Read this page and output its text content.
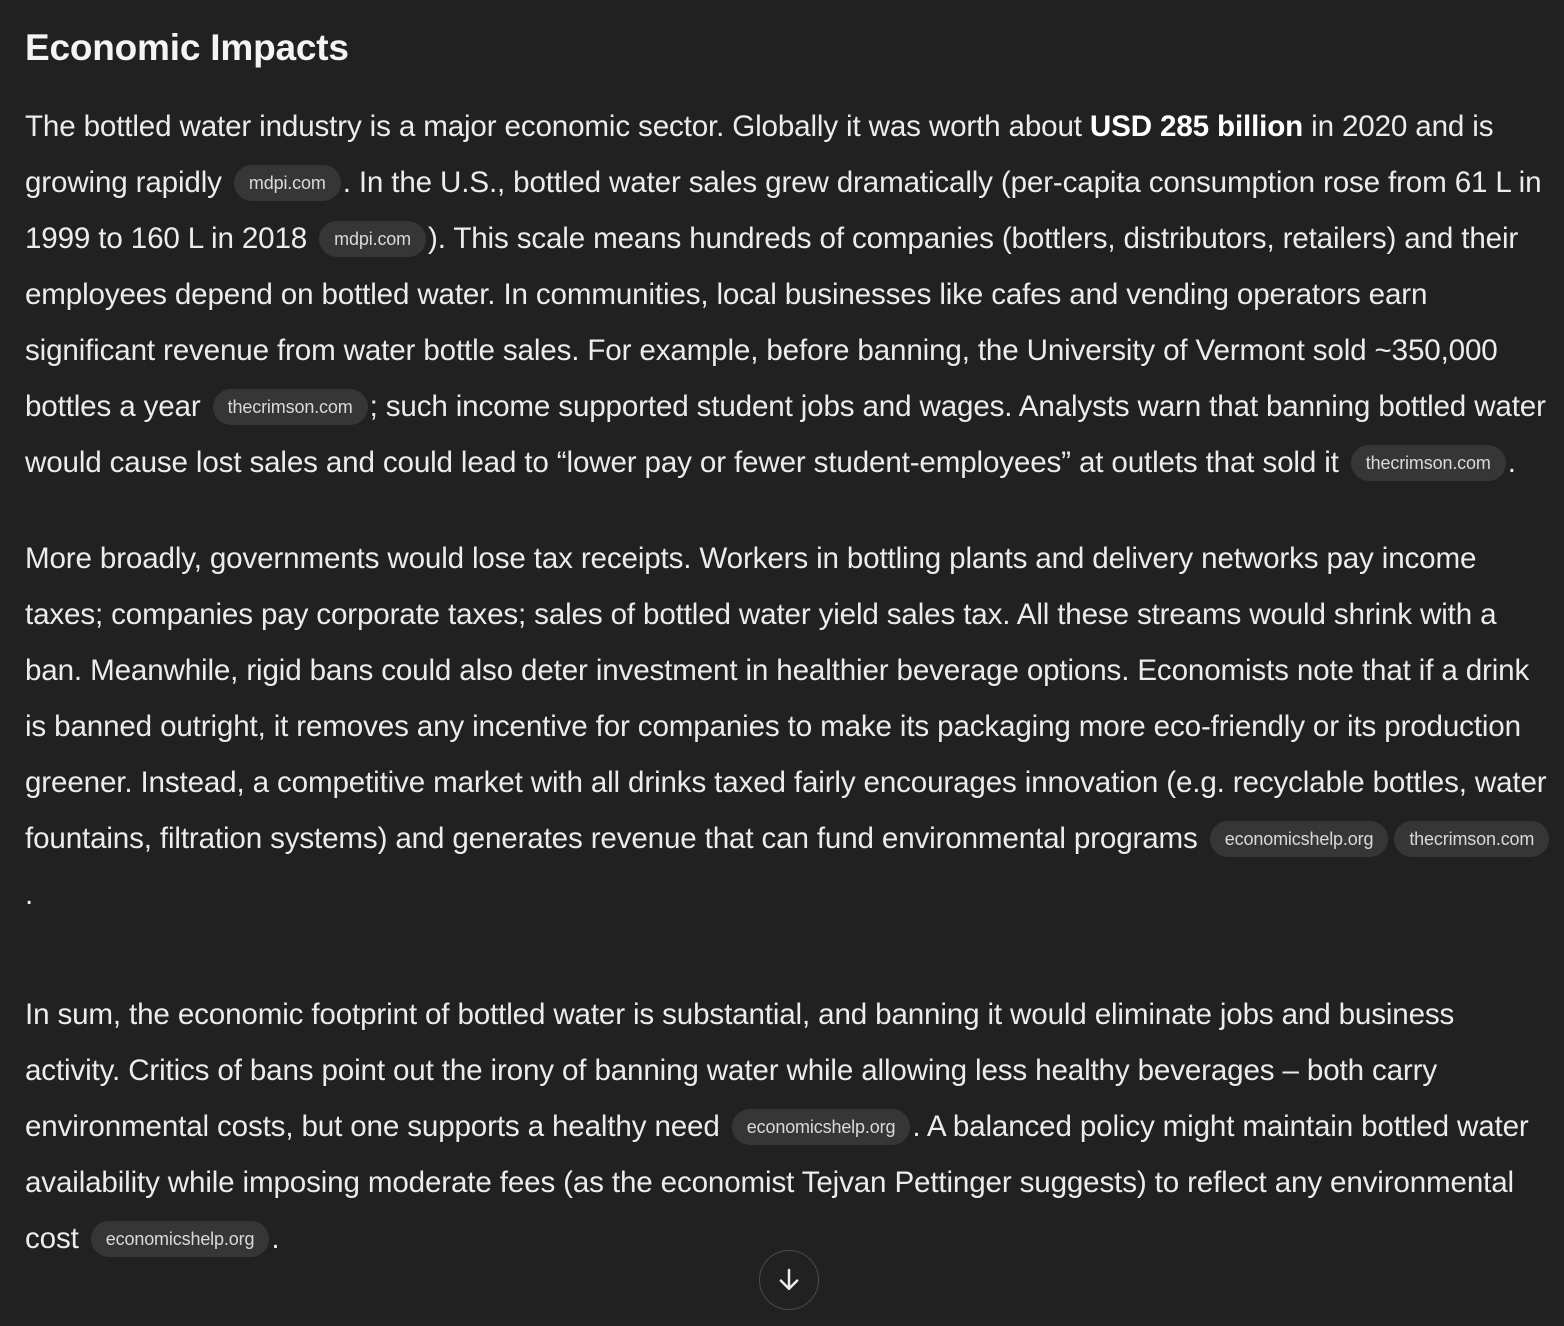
Economic Impacts

The bottled water industry is a major economic sector. Globally it was worth about USD 285 billion in 2020 and is growing rapidly mdpi.com . In the U.S., bottled water sales grew dramatically (per-capita consumption rose from 61 L in 1999 to 160 L in 2018 mdpi.com ). This scale means hundreds of companies (bottlers, distributors, retailers) and their employees depend on bottled water. In communities, local businesses like cafes and vending operators earn significant revenue from water bottle sales. For example, before banning, the University of Vermont sold ~350,000 bottles a year thecrimson.com ; such income supported student jobs and wages. Analysts warn that banning bottled water would cause lost sales and could lead to “lower pay or fewer student-employees” at outlets that sold it thecrimson.com .

More broadly, governments would lose tax receipts. Workers in bottling plants and delivery networks pay income taxes; companies pay corporate taxes; sales of bottled water yield sales tax. All these streams would shrink with a ban. Meanwhile, rigid bans could also deter investment in healthier beverage options. Economists note that if a drink is banned outright, it removes any incentive for companies to make its packaging more eco-friendly or its production greener. Instead, a competitive market with all drinks taxed fairly encourages innovation (e.g. recyclable bottles, water fountains, filtration systems) and generates revenue that can fund environmental programs economicshelp.org thecrimson.com.

In sum, the economic footprint of bottled water is substantial, and banning it would eliminate jobs and business activity. Critics of bans point out the irony of banning water while allowing less healthy beverages – both carry environmental costs, but one supports a healthy need economicshelp.org . A balanced policy might maintain bottled water availability while imposing moderate fees (as the economist Tejvan Pettinger suggests) to reflect any environmental cost economicshelp.org .
